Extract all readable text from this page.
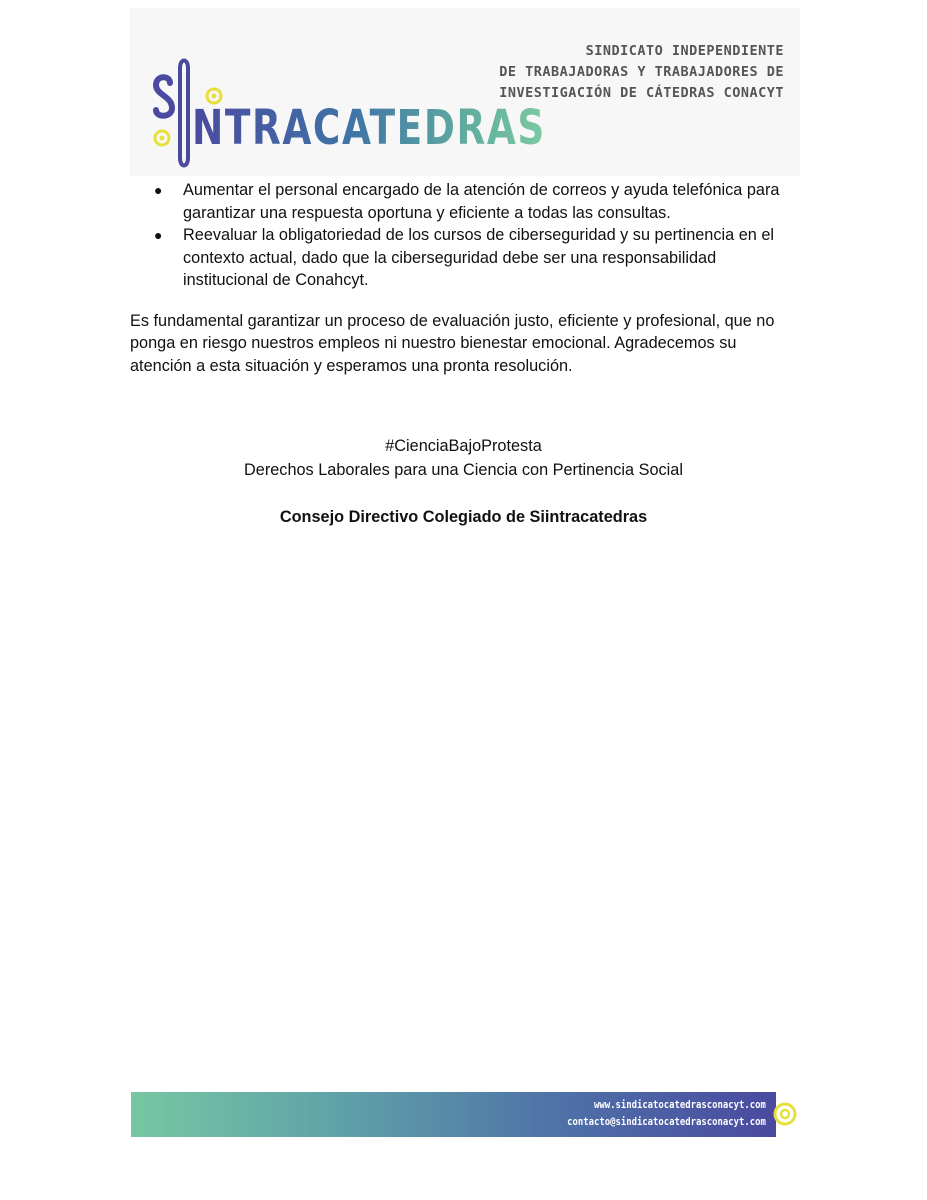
NTRACATEDRAS
SINDICATO INDEPENDIENTE
DE TRABAJADORAS Y TRABAJADORES DE
INVESTIGACIÓN DE CÁTEDRAS CONACYT
● Aumentar el personal encargado de la atención de correos y ayuda telefónica para garantizar una respuesta oportuna y eficiente a todas las consultas.
● Reevaluar la obligatoriedad de los cursos de ciberseguridad y su pertinencia en el contexto actual, dado que la ciberseguridad debe ser una responsabilidad institucional de Conahcyt.

Es fundamental garantizar un proceso de evaluación justo, eficiente y profesional, que no ponga en riesgo nuestros empleos ni nuestro bienestar emocional. Agradecemos su atención a esta situación y esperamos una pronta resolución.

#CienciaBajoProtesta
Derechos Laborales para una Ciencia con Pertinencia Social
Consejo Directivo Colegiado de Siintracatedras
www.sindicatocatedrasconacyt.com
contacto@sindicatocatedrasconacyt.com
